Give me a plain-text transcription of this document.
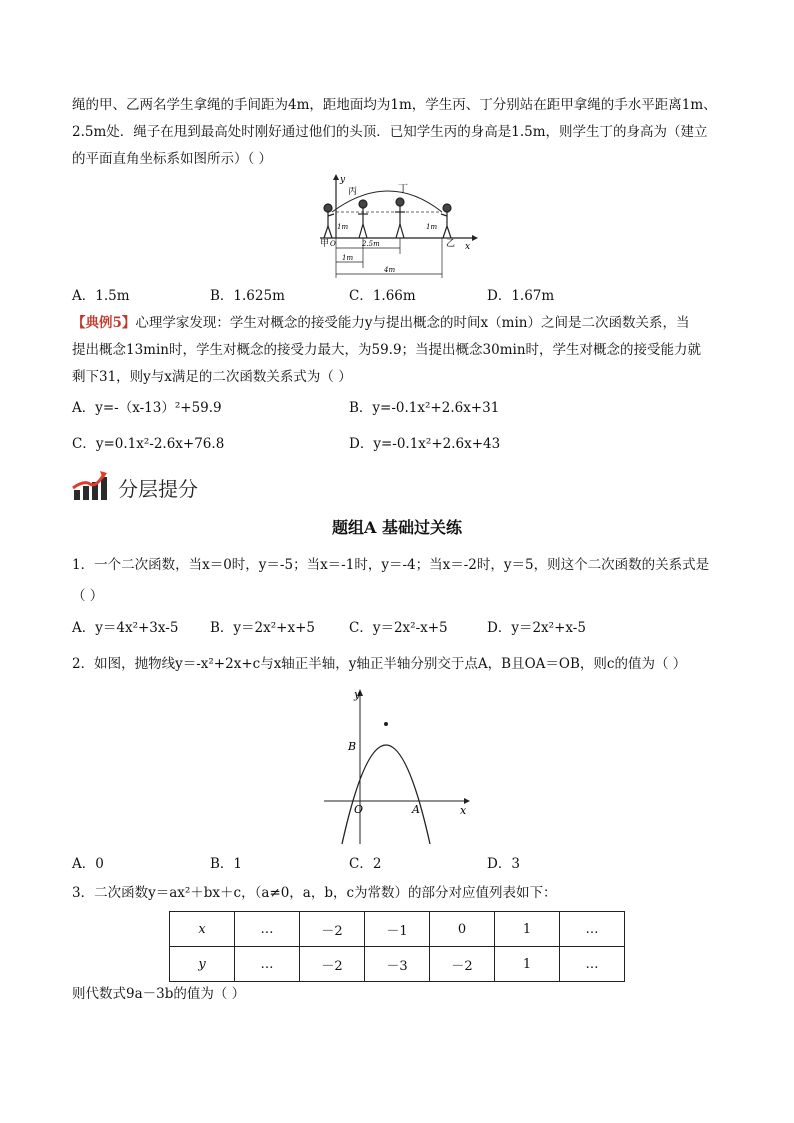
绳的甲、乙两名学生拿绳的手间距为4m，距地面均为1m，学生丙、丁分别站在距甲拿绳的手水平距离1m、
2.5m处．绳子在甩到最高处时刚好通过他们的头顶．已知学生丙的身高是1.5m，则学生丁的身高为（建立
的平面直角坐标系如图所示）（ ）
y
x
丙	丁
甲	乙
O
1m	1m
2.5m
1m
4m
A．1.5m	B．1.625m	C．1.66m	D．1.67m
【典例5】心理学家发现：学生对概念的接受能力y与提出概念的时间x（min）之间是二次函数关系，当
提出概念13min时，学生对概念的接受力最大，为59.9；当提出概念30min时，学生对概念的接受能力就
剩下31，则y与x满足的二次函数关系式为（ ）
A．y=-（x-13）²+59.9	B．y=-0.1x²+2.6x+31
C．y=0.1x²-2.6x+76.8	D．y=-0.1x²+2.6x+43
分层提分
题组A 基础过关练
1．一个二次函数，当x＝0时，y＝-5；当x＝-1时，y＝-4；当x＝-2时，y＝5，则这个二次函数的关系式是
（ ）
A．y＝4x²+3x-5 B．y＝2x²+x+5	C．y＝2x²-x+5	D．y＝2x²+x-5
2．如图，抛物线y＝-x²+2x+c与x轴正半轴，y轴正半轴分别交于点A，B且OA＝OB，则c的值为（ ）
y
x
O	A
B
A．0	B．1	C．2	D．3
3．二次函数y＝ax²＋bx＋c，（a≠0，a，b，c为常数）的部分对应值列表如下：
x	…	－2	－1	0	1	…
y	…	－2	－3	－2	1	…
则代数式9a－3b的值为（ ）
